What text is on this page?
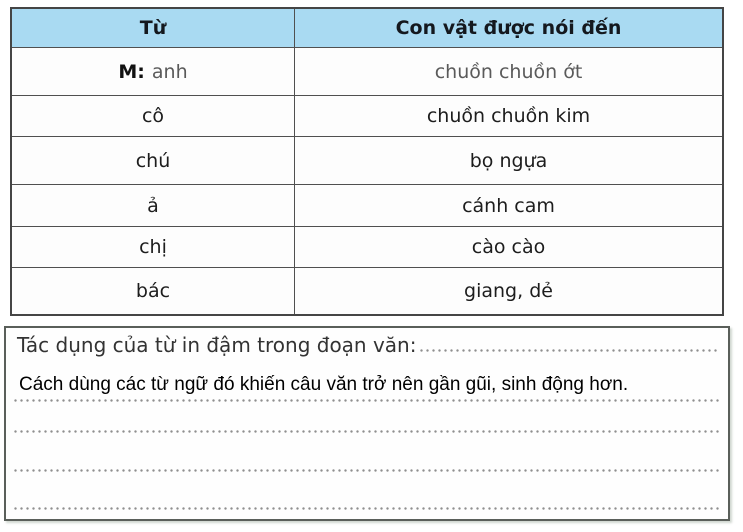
Từ	Con vật được nói đến
M: anh	chuồn chuồn ớt
cô	chuồn chuồn kim
chú	bọ ngựa
ả	cánh cam
chị	cào cào
bác	giang, dẻ
Tác dụng của từ in đậm trong đoạn văn:
Cách dùng các từ ngữ đó khiến câu văn trở nên gần gũi, sinh động hơn.
